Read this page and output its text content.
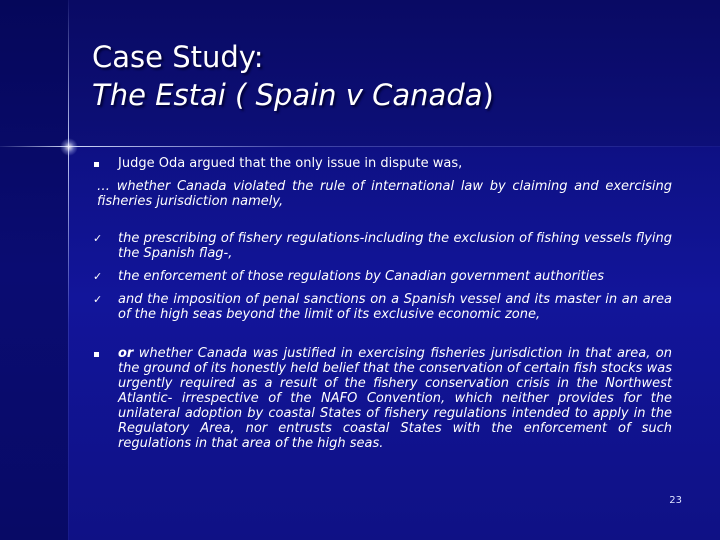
Case Study:
The Estai ( Spain v Canada)
Judge Oda argued that the only issue in dispute was,
… whether Canada violated the rule of international law by claiming and exercising fisheries jurisdiction namely,
✓	the prescribing of fishery regulations-including the exclusion of fishing vessels flying the Spanish flag-,
✓	the enforcement of those regulations by Canadian government authorities
✓	and the imposition of penal sanctions on a Spanish vessel and its master in an area of the high seas beyond the limit of its exclusive economic zone,
or whether Canada was justified in exercising fisheries jurisdiction in that area, on the ground of its honestly held belief that the conservation of certain fish stocks was urgently required as a result of the fishery conservation crisis in the Northwest Atlantic- irrespective of the NAFO Convention, which neither provides for the unilateral adoption by coastal States of fishery regulations intended to apply in the Regulatory Area, nor entrusts coastal States with the enforcement of such regulations in that area of the high seas.
23
